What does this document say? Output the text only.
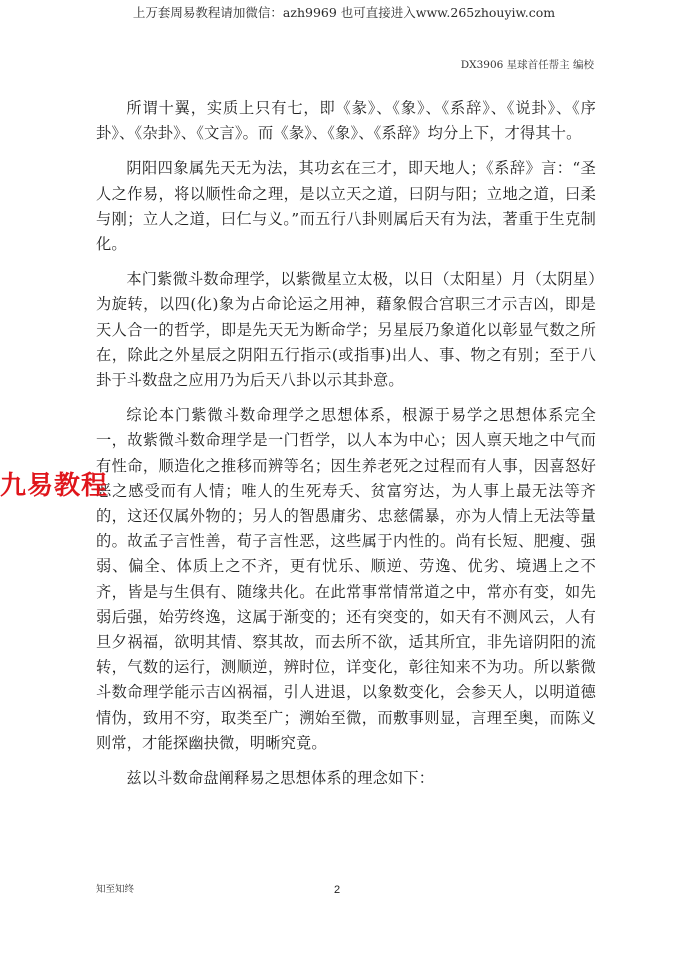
上万套周易教程请加微信：azh9969 也可直接进入www.265zhouyiw.com
DX3906 星球首任帮主 编校

所谓十翼，实质上只有七，即《彖》、《象》、《系辞》、《说卦》、《序卦》、《杂卦》、《文言》。而《彖》、《象》、《系辞》均分上下，才得其十。

阴阳四象属先天无为法，其功玄在三才，即天地人；《系辞》言：“圣人之作易，将以顺性命之理，是以立天之道，曰阴与阳；立地之道，曰柔与刚；立人之道，曰仁与义。”而五行八卦则属后天有为法，著重于生克制化。

本门紫微斗数命理学，以紫微星立太极，以日（太阳星）月（太阴星）为旋转，以四(化)象为占命论运之用神，藉象假合宫职三才示吉凶，即是天人合一的哲学，即是先天无为断命学；另星辰乃象道化以彰显气数之所在，除此之外星辰之阴阳五行指示(或指事)出人、事、物之有别；至于八卦于斗数盘之应用乃为后天八卦以示其卦意。

综论本门紫微斗数命理学之思想体系，根源于易学之思想体系完全一，故紫微斗数命理学是一门哲学，以人本为中心；因人禀天地之中气而有性命，顺造化之推移而辨等名；因生养老死之过程而有人事，因喜怒好恶之感受而有人情；唯人的生死寿夭、贫富穷达，为人事上最无法等齐的，这还仅属外物的；另人的智愚庸劣、忠慈儒暴，亦为人情上无法等量的。故孟子言性善，荀子言性恶，这些属于内性的。尚有长短、肥瘦、强弱、偏全、体质上之不齐，更有忧乐、顺逆、劳逸、优劣、境遇上之不齐，皆是与生俱有、随缘共化。在此常事常情常道之中，常亦有变，如先弱后强，始劳终逸，这属于渐变的；还有突变的，如天有不测风云，人有旦夕祸福，欲明其情、察其故，而去所不欲，适其所宜，非先谙阴阳的流转，气数的运行，测顺逆，辨时位，详变化，彰往知来不为功。所以紫微斗数命理学能示吉凶祸福，引人进退，以象数变化，会参天人，以明道德情伪，致用不穷，取类至广；溯始至微，而敷事则显，言理至奥，而陈义则常，才能探幽抉微，明晰究竟。

兹以斗数命盘阐释易之思想体系的理念如下：

九易教程
知至知终	2
